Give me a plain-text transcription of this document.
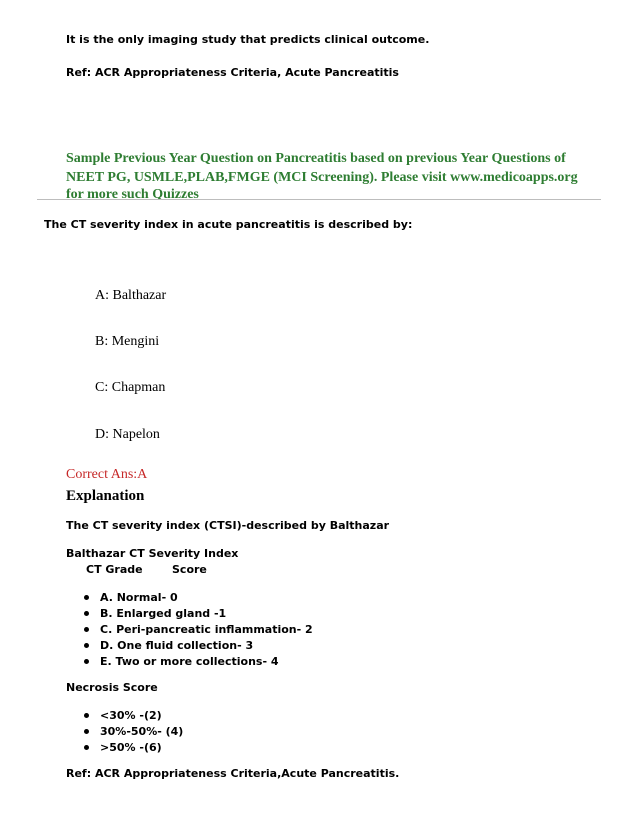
It is the only imaging study that predicts clinical outcome.
Ref: ACR Appropriateness Criteria, Acute Pancreatitis
Sample Previous Year Question on Pancreatitis based on previous Year Questions of
NEET PG, USMLE,PLAB,FMGE (MCI Screening). Please visit www.medicoapps.org
for more such Quizzes
The CT severity index in acute pancreatitis is described by:
A: Balthazar
B: Mengini
C: Chapman
D: Napelon
Correct Ans:A
Explanation
The CT severity index (CTSI)-described by Balthazar
Balthazar CT Severity Index
CT Grade	Score
A. Normal- 0
B. Enlarged gland -1
C. Peri-pancreatic inflammation- 2
D. One fluid collection- 3
E. Two or more collections- 4
Necrosis Score
<30% -(2)
30%-50%- (4)
>50% -(6)
Ref: ACR Appropriateness Criteria,Acute Pancreatitis.
